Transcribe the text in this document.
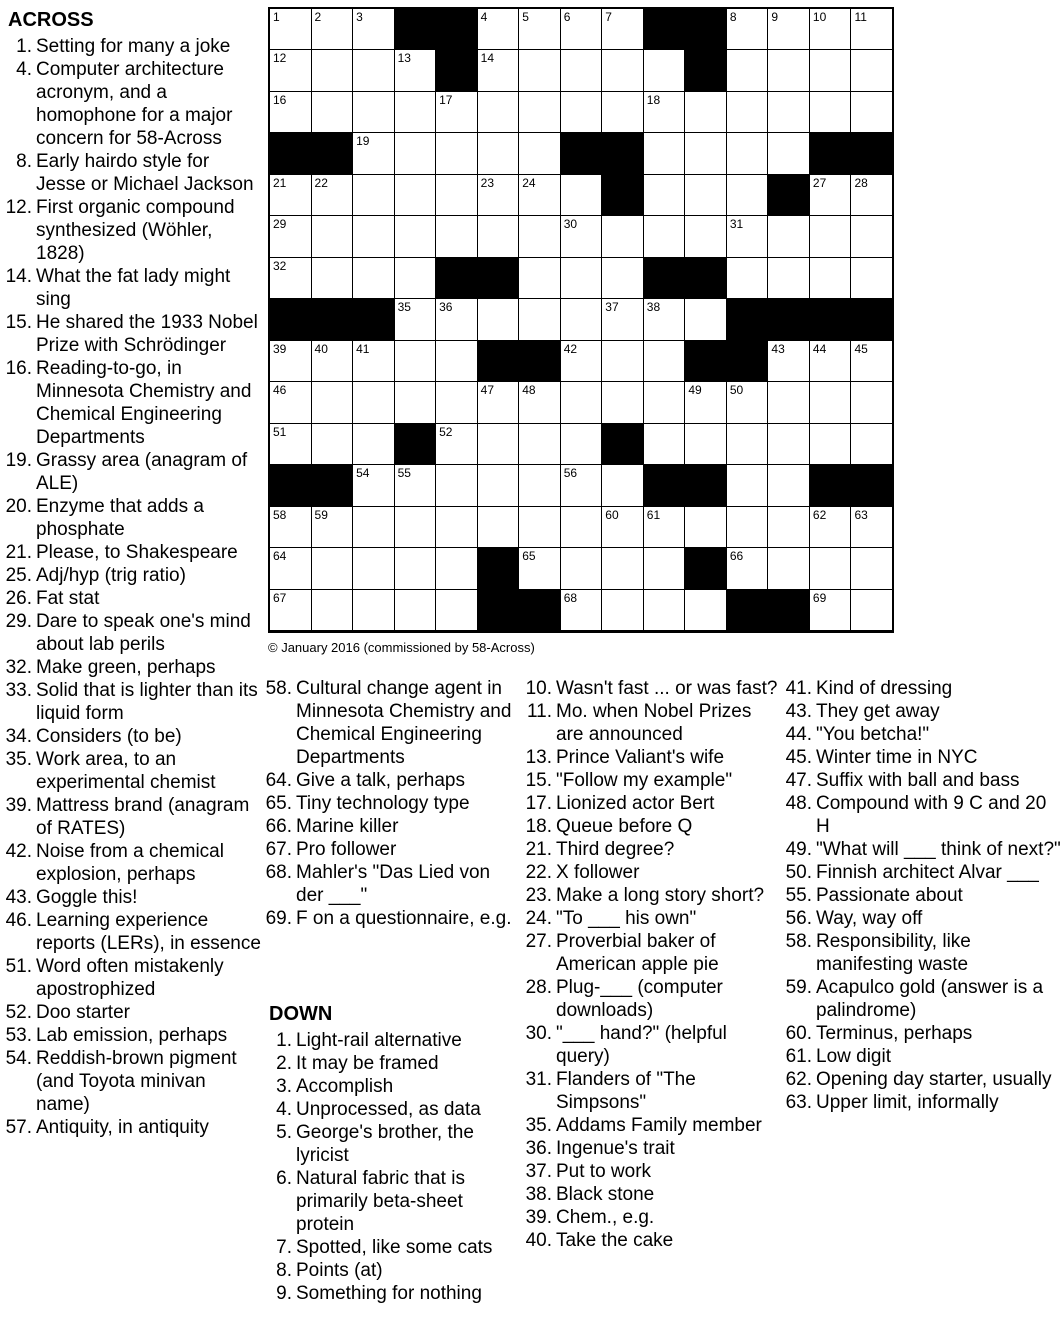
ACROSS
1. Setting for many a joke
4. Computer architecture acronym, and a homophone for a major concern for 58-Across
8. Early hairdo style for Jesse or Michael Jackson
12. First organic compound synthesized (Wöhler, 1828)
14. What the fat lady might sing
15. He shared the 1933 Nobel Prize with Schrödinger
16. Reading-to-go, in Minnesota Chemistry and Chemical Engineering Departments
19. Grassy area (anagram of ALE)
20. Enzyme that adds a phosphate
21. Please, to Shakespeare
25. Adj/hyp (trig ratio)
26. Fat stat
29. Dare to speak one's mind about lab perils
32. Make green, perhaps
33. Solid that is lighter than its liquid form
34. Considers (to be)
35. Work area, to an experimental chemist
39. Mattress brand (anagram of RATES)
42. Noise from a chemical explosion, perhaps
43. Goggle this!
46. Learning experience reports (LERs), in essence
51. Word often mistakenly apostrophized
52. Doo starter
53. Lab emission, perhaps
54. Reddish-brown pigment (and Toyota minivan name)
57. Antiquity, in antiquity
1	2	3	4	5	6	7	8	9	10 11
12	13	14	15
16	17	18
19	20
21 22	23 24	25	26 27 28
29	30	31
32	33	34
35 36	37 38
39 40 41	42	43 44 45
46	47 48	49 50
51	52	53
54 55	56	57
58 59	60 61	62 63
64	65	66
67	68	69
© January 2016 (commissioned by 58-Across)
58. Cultural change agent in Minnesota Chemistry and Chemical Engineering Departments
64. Give a talk, perhaps
65. Tiny technology type
66. Marine killer
67. Pro follower
68. Mahler's "Das Lied von der ___"
69. F on a questionnaire, e.g.
DOWN
1. Light-rail alternative
2. It may be framed
3. Accomplish
4. Unprocessed, as data
5. George's brother, the lyricist
6. Natural fabric that is primarily beta-sheet protein
7. Spotted, like some cats
8. Points (at)
9. Something for nothing
10. Wasn't fast ... or was fast?
11. Mo. when Nobel Prizes are announced
13. Prince Valiant's wife
15. "Follow my example"
17. Lionized actor Bert
18. Queue before Q
21. Third degree?
22. X follower
23. Make a long story short?
24. "To ___ his own"
27. Proverbial baker of American apple pie
28. Plug-___ (computer downloads)
30. "___ hand?" (helpful query)
31. Flanders of "The Simpsons"
35. Addams Family member
36. Ingenue's trait
37. Put to work
38. Black stone
39. Chem., e.g.
40. Take the cake
41. Kind of dressing
43. They get away
44. "You betcha!"
45. Winter time in NYC
47. Suffix with ball and bass
48. Compound with 9 C and 20 H
49. "What will ___ think of next?"
50. Finnish architect Alvar ___
55. Passionate about
56. Way, way off
58. Responsibility, like manifesting waste
59. Acapulco gold (answer is a palindrome)
60. Terminus, perhaps
61. Low digit
62. Opening day starter, usually
63. Upper limit, informally
